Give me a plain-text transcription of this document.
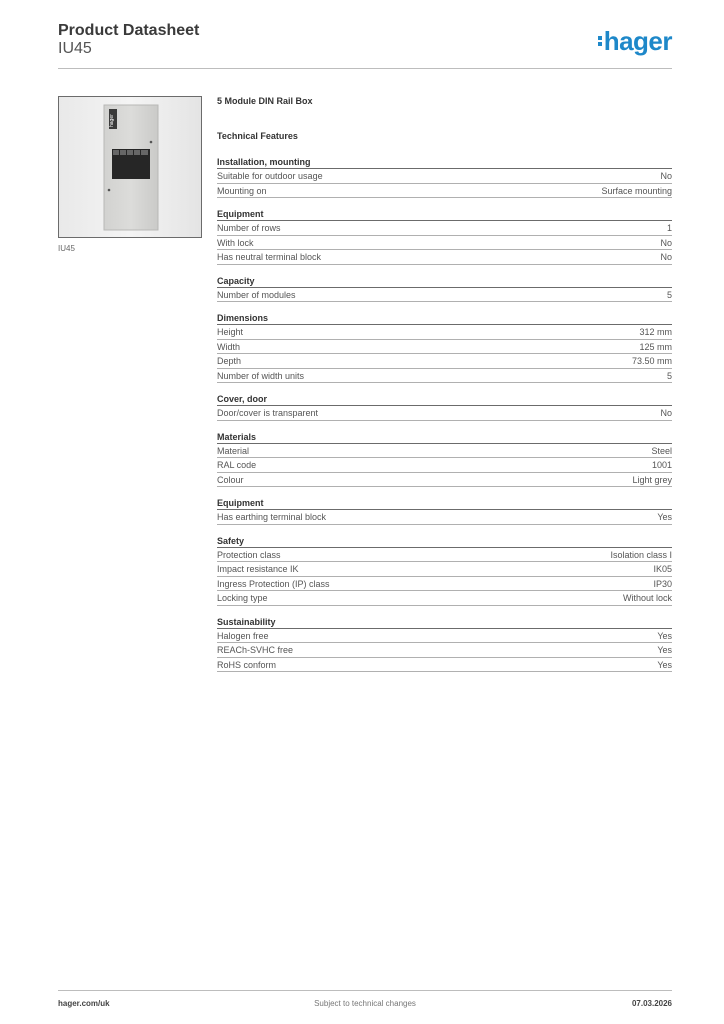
Product Datasheet
IU45	hager
hager
IU45
5 Module DIN Rail Box
Technical Features
Installation, mounting
Suitable for outdoor usage	No
Mounting on	Surface mounting
Equipment
Number of rows	1
With lock	No
Has neutral terminal block	No
Capacity
Number of modules	5
Dimensions
Height	312 mm
Width	125 mm
Depth	73.50 mm
Number of width units	5
Cover, door
Door/cover is transparent	No
Materials
Material	Steel
RAL code	1001
Colour	Light grey
Equipment
Has earthing terminal block	Yes
Safety
Protection class	Isolation class I
Impact resistance IK	IK05
Ingress Protection (IP) class	IP30
Locking type	Without lock
Sustainability
Halogen free	Yes
REACh-SVHC free	Yes
RoHS conform	Yes
hager.com/uk	Subject to technical changes	07.03.2026
